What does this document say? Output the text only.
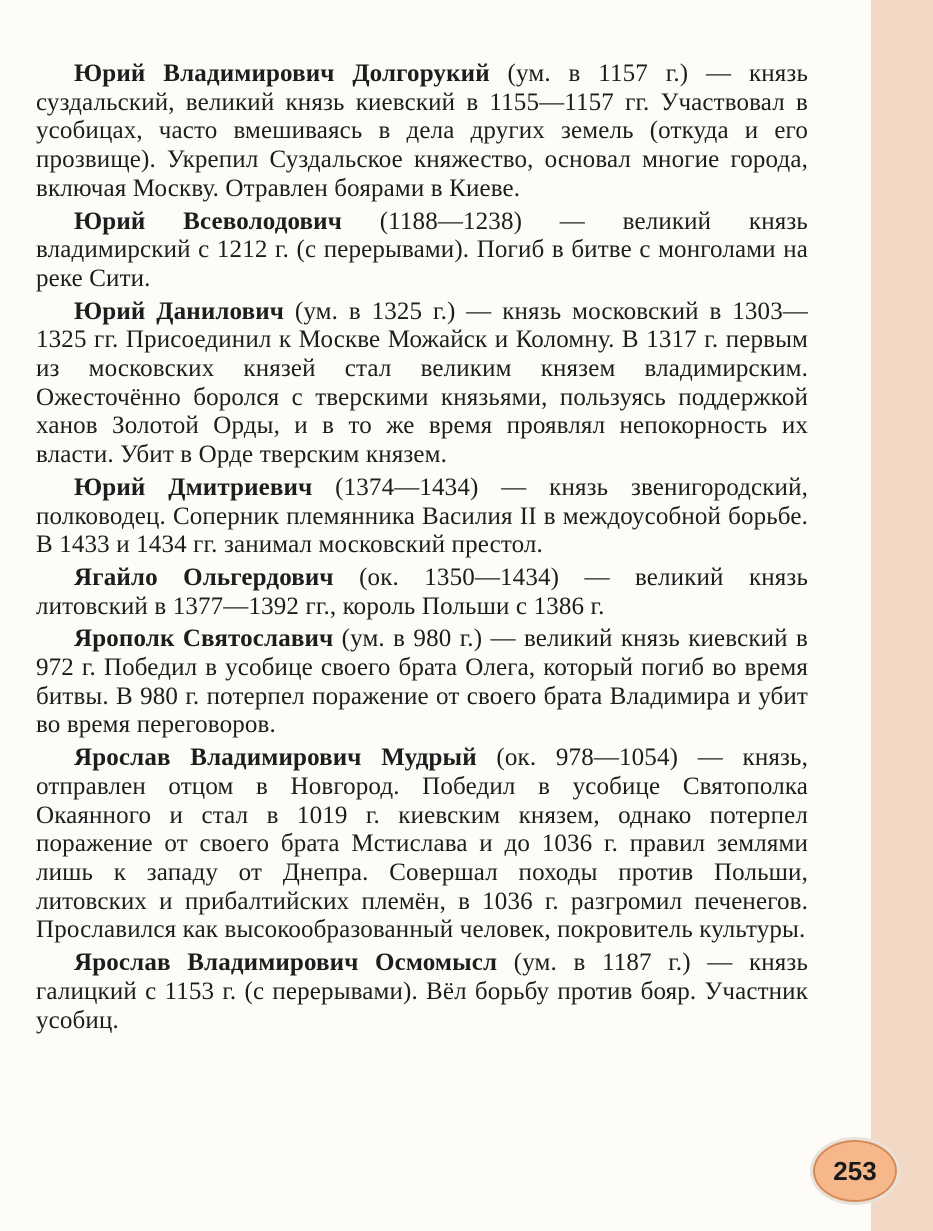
Юрий Владимирович Долгорукий (ум. в 1157 г.) — князь суздальский, великий князь киевский в 1155—1157 гг. Участвовал в усобицах, часто вмешиваясь в дела других земель (откуда и его прозвище). Укрепил Суздальское княжество, основал многие города, включая Москву. Отравлен боярами в Киеве.

Юрий Всеволодович (1188—1238) — великий князь владимирский с 1212 г. (с перерывами). Погиб в битве с монголами на реке Сити.

Юрий Данилович (ум. в 1325 г.) — князь московский в 1303—1325 гг. Присоединил к Москве Можайск и Коломну. В 1317 г. первым из московских князей стал великим князем владимирским. Ожесточённо боролся с тверскими князьями, пользуясь поддержкой ханов Золотой Орды, и в то же время проявлял непокорность их власти. Убит в Орде тверским князем.

Юрий Дмитриевич (1374—1434) — князь звенигородский, полководец. Соперник племянника Василия II в междоусобной борьбе. В 1433 и 1434 гг. занимал московский престол.

Ягайло Ольгердович (ок. 1350—1434) — великий князь литовский в 1377—1392 гг., король Польши с 1386 г.

Ярополк Святославич (ум. в 980 г.) — великий князь киевский в 972 г. Победил в усобице своего брата Олега, который погиб во время битвы. В 980 г. потерпел поражение от своего брата Владимира и убит во время переговоров.

Ярослав Владимирович Мудрый (ок. 978—1054) — князь, отправлен отцом в Новгород. Победил в усобице Святополка Окаянного и стал в 1019 г. киевским князем, однако потерпел поражение от своего брата Мстислава и до 1036 г. правил землями лишь к западу от Днепра. Совершал походы против Польши, литовских и прибалтийских племён, в 1036 г. разгромил печенегов. Прославился как высокообразованный человек, покровитель культуры.

Ярослав Владимирович Осмомысл (ум. в 1187 г.) — князь галицкий с 1153 г. (с перерывами). Вёл борьбу против бояр. Участник усобиц.

253
